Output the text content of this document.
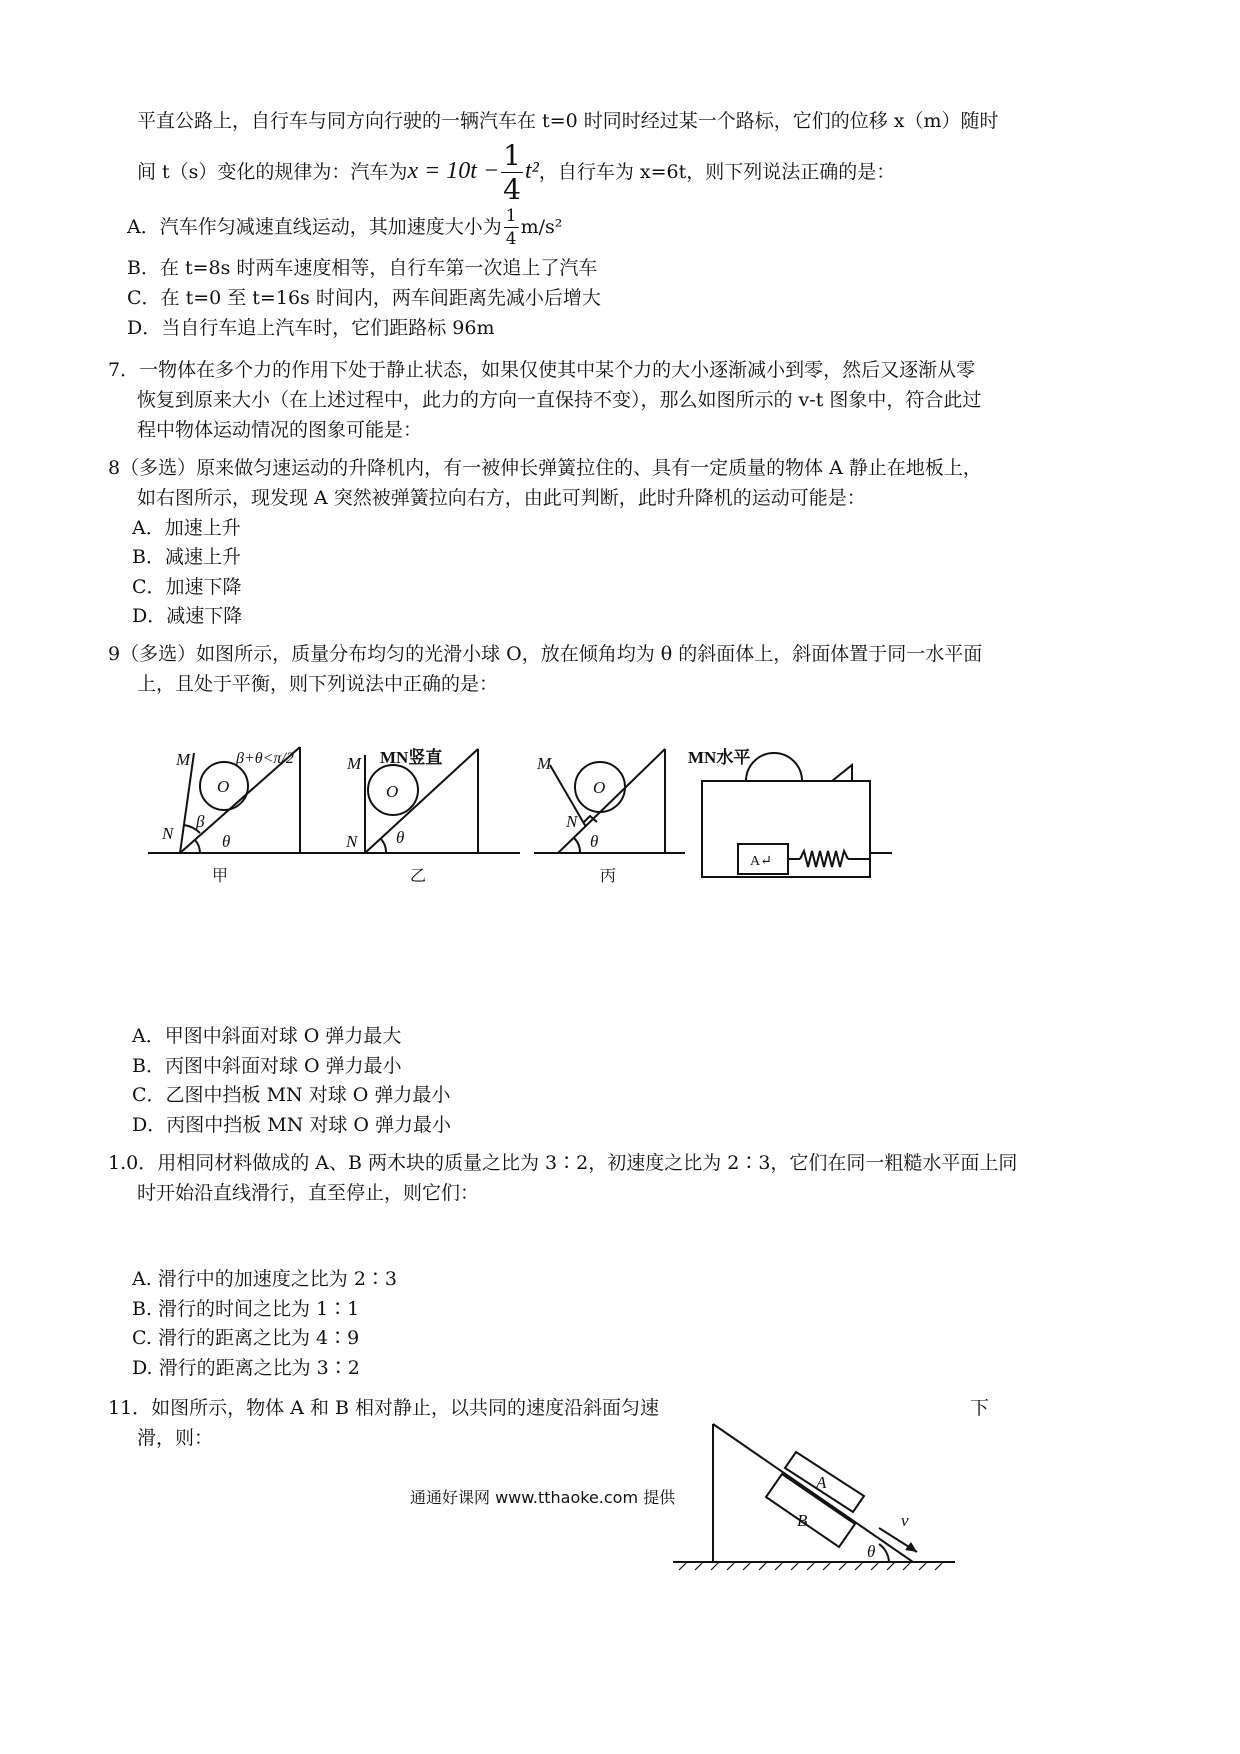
平直公路上，自行车与同方向行驶的一辆汽车在 t=0 时同时经过某一个路标，它们的位移 x（m）随时
间 t（s）变化的规律为：汽车为$x = 10t - \frac{1}{4} t^2$，自行车为 x=6t，则下列说法正确的是：
A．汽车作匀减速直线运动，其加速度大小为 $\frac{1}{4} m/s^2$
B．在 t=8s 时两车速度相等，自行车第一次追上了汽车
C．在 t=0 至 t=16s 时间内，两车间距离先减小后增大
D．当自行车追上汽车时，它们距路标 96m
7．一物体在多个力的作用下处于静止状态，如果仅使其中某个力的大小逐渐减小到零，然后又逐渐从零
恢复到原来大小（在上述过程中，此力的方向一直保持不变），那么如图所示的 v-t 图象中，符合此过
程中物体运动情况的图象可能是：
8（多选）原来做匀速运动的升降机内，有一被伸长弹簧拉住的、具有一定质量的物体 A 静止在地板上，
如右图所示，现发现 A 突然被弹簧拉向右方，由此可判断，此时升降机的运动可能是：
A．加速上升
B．减速上升
C．加速下降
D．减速下降
9（多选）如图所示，质量分布均匀的光滑小球 O，放在倾角均为 θ 的斜面体上，斜面体置于同一水平面
上，且处于平衡，则下列说法中正确的是：
M
N
O
β
θ
β+θ<π/2	M
N
O
θ
M
N
O
θ
A↵
MN竖直	MN水平
甲	乙	丙
A．甲图中斜面对球 O 弹力最大
B．丙图中斜面对球 O 弹力最小
C．乙图中挡板 MN 对球 O 弹力最小
D．丙图中挡板 MN 对球 O 弹力最小
1.0．用相同材料做成的 A、B 两木块的质量之比为 3∶2，初速度之比为 2∶3，它们在同一粗糙水平面上同
时开始沿直线滑行，直至停止，则它们：
A. 滑行中的加速度之比为 2∶3
B. 滑行的时间之比为 1∶1
C. 滑行的距离之比为 4∶9
D. 滑行的距离之比为 3∶2
11．如图所示，物体 A 和 B 相对静止，以共同的速度沿斜面匀速	下
滑，则：
A
B	v
θ
通通好课网 www.tthaoke.com 提供
